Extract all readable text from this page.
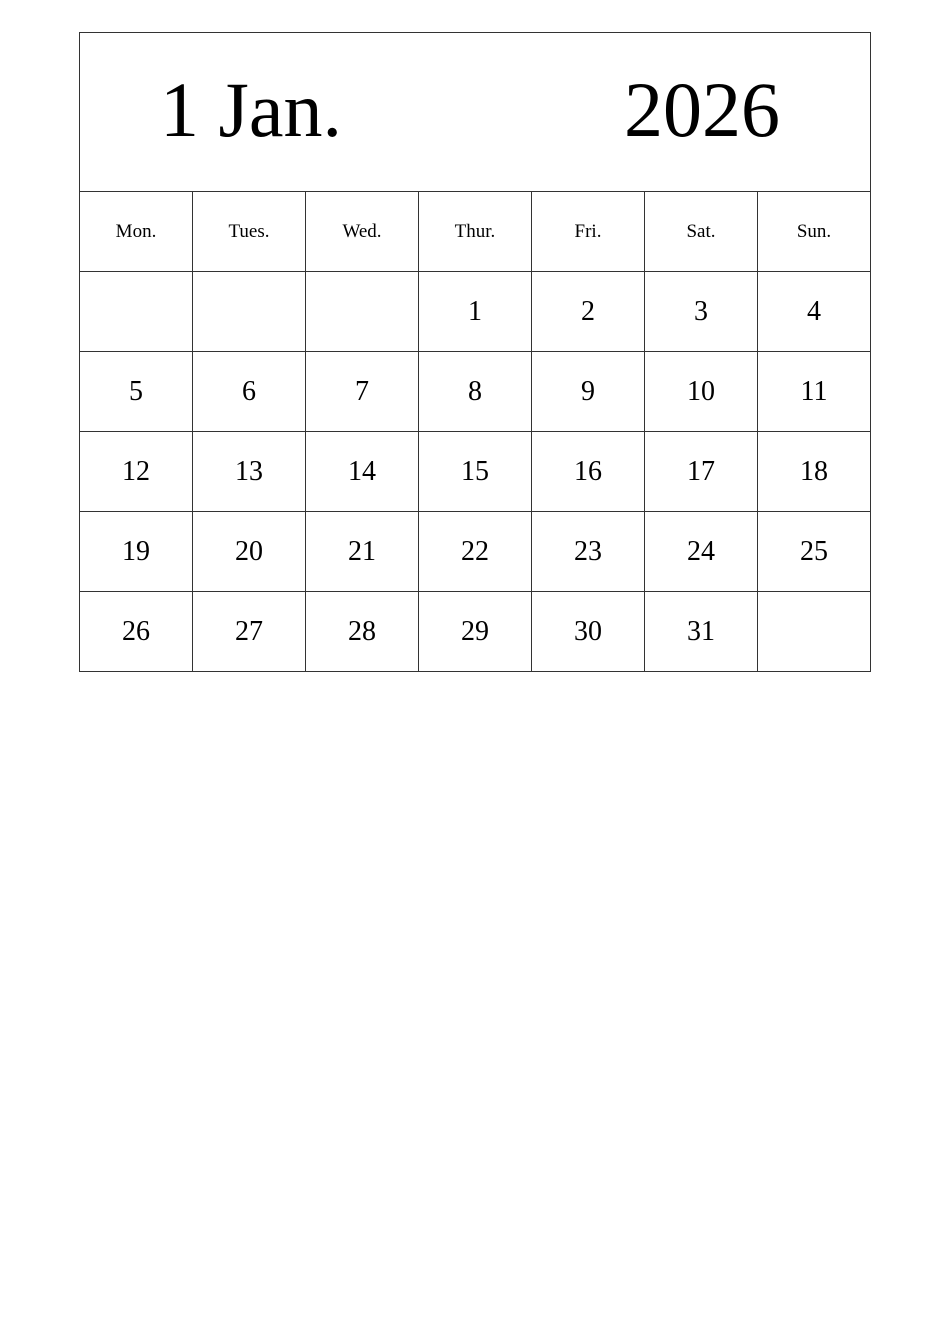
1 Jan. 2026						

Mon.	Tues.	Wed.	Thur.	Fri.	Sat.	Sun.
			1	2	3	4
5	6	7	8	9	10	11
12	13	14	15	16	17	18
19	20	21	22	23	24	25
26	27	28	29	30	31	
